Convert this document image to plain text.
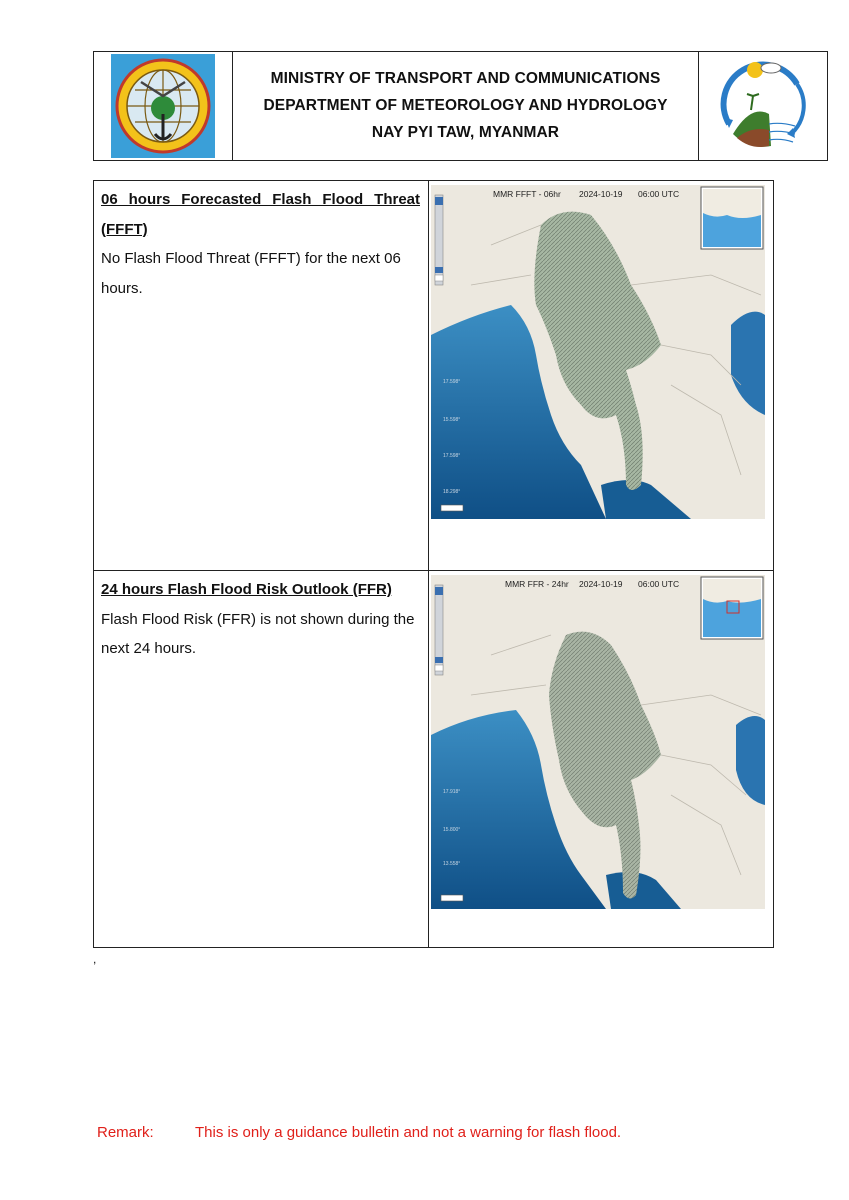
MINISTRY OF TRANSPORT AND COMMUNICATIONS
DEPARTMENT OF METEOROLOGY AND HYDROLOGY
NAY PYI TAW, MYANMAR
06 hours Forecasted Flash Flood Threat (FFFT)
No Flash Flood Threat (FFFT) for the next 06 hours.
MMR FFFT - 06hr 2024-10-19 06:00 UTC
17.598°
15.598°
17.598°
18.298°
24 hours Flash Flood Risk Outlook (FFR)
Flash Flood Risk (FFR) is not shown during the next 24 hours.
MMR FFR - 24hr 2024-10-19 06:00 UTC
17.918°
15.800°
13.558°
,
Remark:	This is only a guidance bulletin and not a warning for flash flood.
